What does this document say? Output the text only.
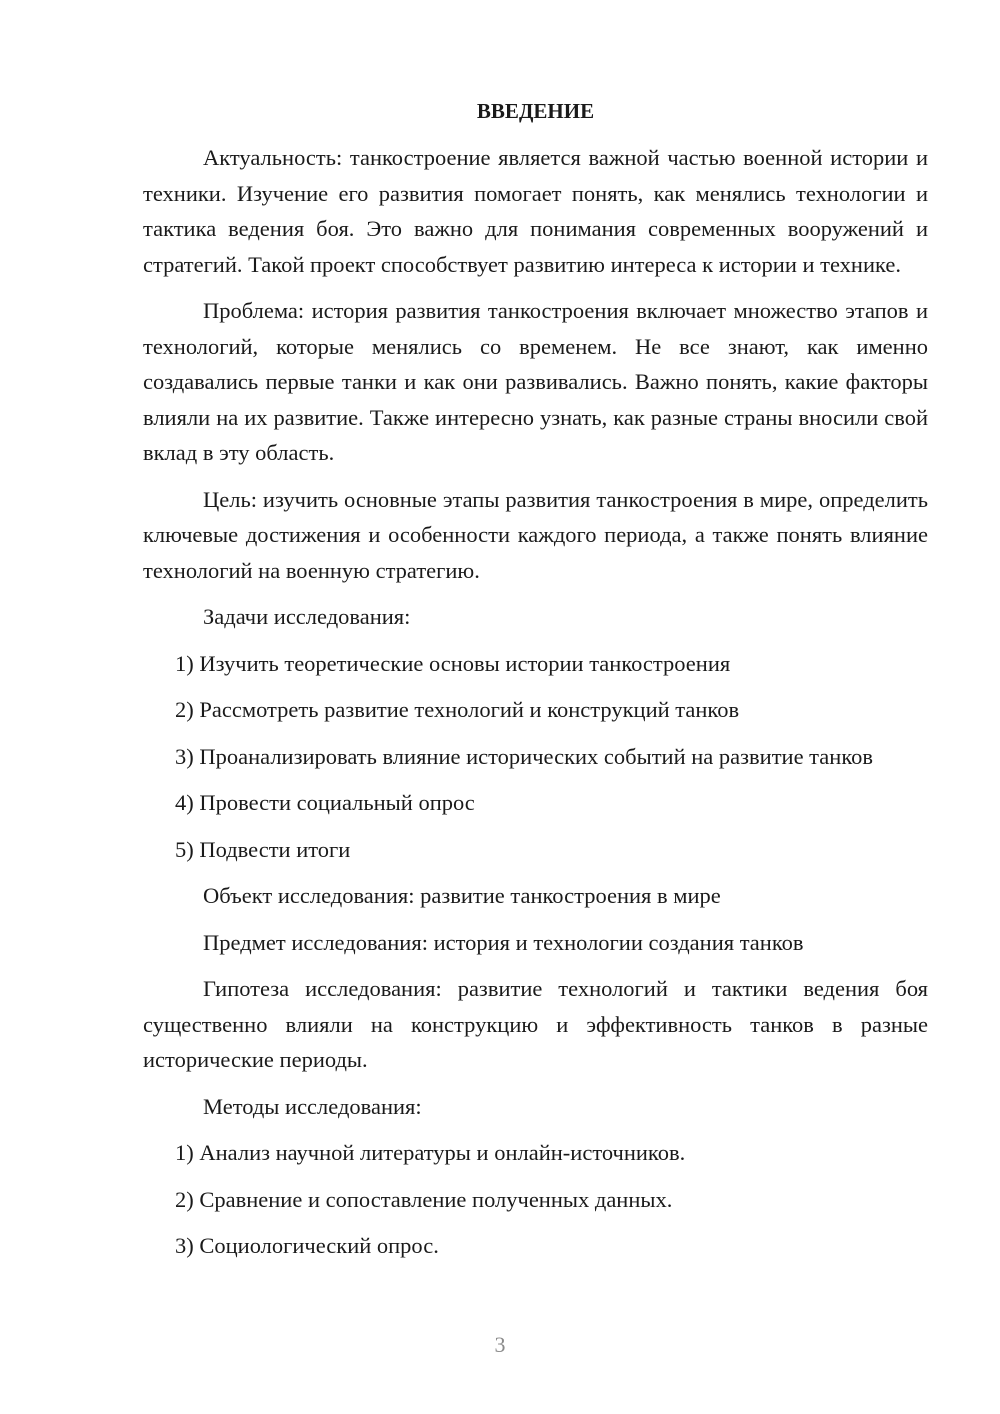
ВВЕДЕНИЕ

Актуальность: танкостроение является важной частью военной истории и техники. Изучение его развития помогает понять, как менялись технологии и тактика ведения боя. Это важно для понимания современных вооружений и стратегий. Такой проект способствует развитию интереса к истории и технике.

Проблема: история развития танкостроения включает множество этапов и технологий, которые менялись со временем. Не все знают, как именно создавались первые танки и как они развивались. Важно понять, какие факторы влияли на их развитие. Также интересно узнать, как разные страны вносили свой вклад в эту область.

Цель: изучить основные этапы развития танкостроения в мире, определить ключевые достижения и особенности каждого периода, а также понять влияние технологий на военную стратегию.

Задачи исследования:

1) Изучить теоретические основы истории танкостроения

2) Рассмотреть развитие технологий и конструкций танков

3) Проанализировать влияние исторических событий на развитие танков

4) Провести социальный опрос

5) Подвести итоги

Объект исследования: развитие танкостроения в мире

Предмет исследования: история и технологии создания танков

Гипотеза исследования: развитие технологий и тактики ведения боя существенно влияли на конструкцию и эффективность танков в разные исторические периоды.

Методы исследования:

1) Анализ научной литературы и онлайн-источников.

2) Сравнение и сопоставление полученных данных.

3) Социологический опрос.

3
